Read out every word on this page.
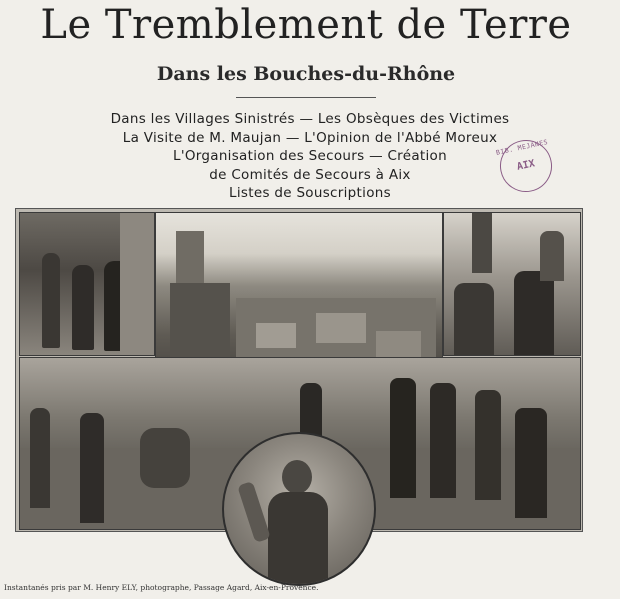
Le Tremblement de Terre
Dans les Bouches-du-Rhône
Dans les Villages Sinistrés — Les Obsèques des Victimes
La Visite de M. Maujan — L'Opinion de l'Abbé Moreux
L'Organisation des Secours — Création
de Comités de Secours à Aix
Listes de Souscriptions
BIB. MEJANES
AIX
Instantanés pris par M. Henry ELY, photographe, Passage Agard, Aix-en-Provence.
